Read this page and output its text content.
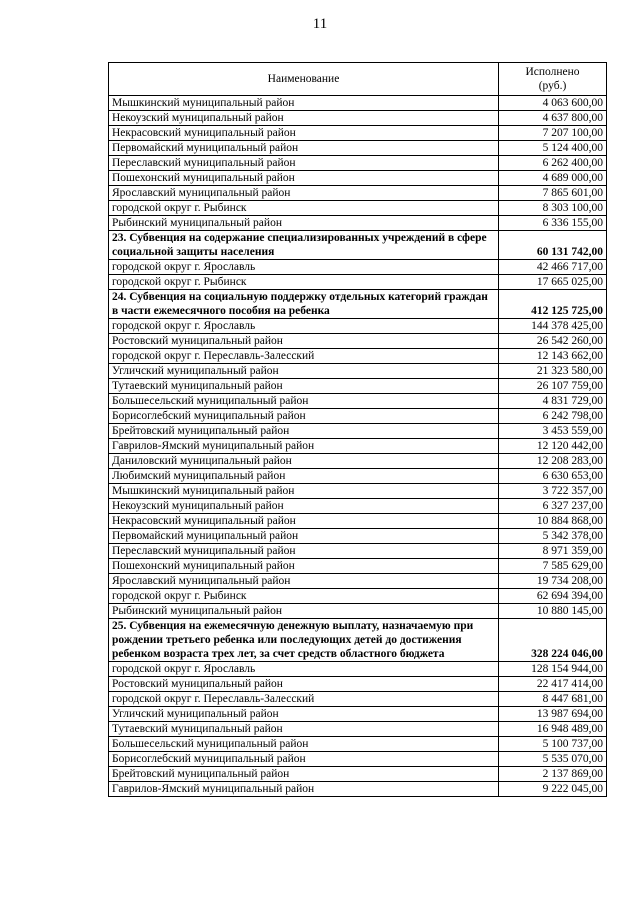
11
Наименование	Исполнено
(руб.)
Мышкинский муниципальный район	4 063 600,00
Некоузский муниципальный район	4 637 800,00
Некрасовский муниципальный район	7 207 100,00
Первомайский муниципальный район	5 124 400,00
Переславский муниципальный район	6 262 400,00
Пошехонский муниципальный район	4 689 000,00
Ярославский муниципальный район	7 865 601,00
городской округ г. Рыбинск	8 303 100,00
Рыбинский муниципальный район	6 336 155,00
23. Субвенция на содержание специализированных учреждений в сфере социальной защиты населения	60 131 742,00
городской округ г. Ярославль	42 466 717,00
городской округ г. Рыбинск	17 665 025,00
24. Субвенция на социальную поддержку отдельных категорий граждан в части ежемесячного пособия на ребенка	412 125 725,00
городской округ г. Ярославль	144 378 425,00
Ростовский муниципальный район	26 542 260,00
городской округ г. Переславль-Залесский	12 143 662,00
Угличский муниципальный район	21 323 580,00
Тутаевский муниципальный район	26 107 759,00
Большесельский муниципальный район	4 831 729,00
Борисоглебский муниципальный район	6 242 798,00
Брейтовский муниципальный район	3 453 559,00
Гаврилов-Ямский муниципальный район	12 120 442,00
Даниловский муниципальный район	12 208 283,00
Любимский муниципальный район	6 630 653,00
Мышкинский муниципальный район	3 722 357,00
Некоузский муниципальный район	6 327 237,00
Некрасовский муниципальный район	10 884 868,00
Первомайский муниципальный район	5 342 378,00
Переславский муниципальный район	8 971 359,00
Пошехонский муниципальный район	7 585 629,00
Ярославский муниципальный район	19 734 208,00
городской округ г. Рыбинск	62 694 394,00
Рыбинский муниципальный район	10 880 145,00
25. Субвенция на ежемесячную денежную выплату, назначаемую при рождении третьего ребенка или последующих детей до достижения ребенком возраста трех лет, за счет средств областного бюджета	328 224 046,00
городской округ г. Ярославль	128 154 944,00
Ростовский муниципальный район	22 417 414,00
городской округ г. Переславль-Залесский	8 447 681,00
Угличский муниципальный район	13 987 694,00
Тутаевский муниципальный район	16 948 489,00
Большесельский муниципальный район	5 100 737,00
Борисоглебский муниципальный район	5 535 070,00
Брейтовский муниципальный район	2 137 869,00
Гаврилов-Ямский муниципальный район	9 222 045,00
